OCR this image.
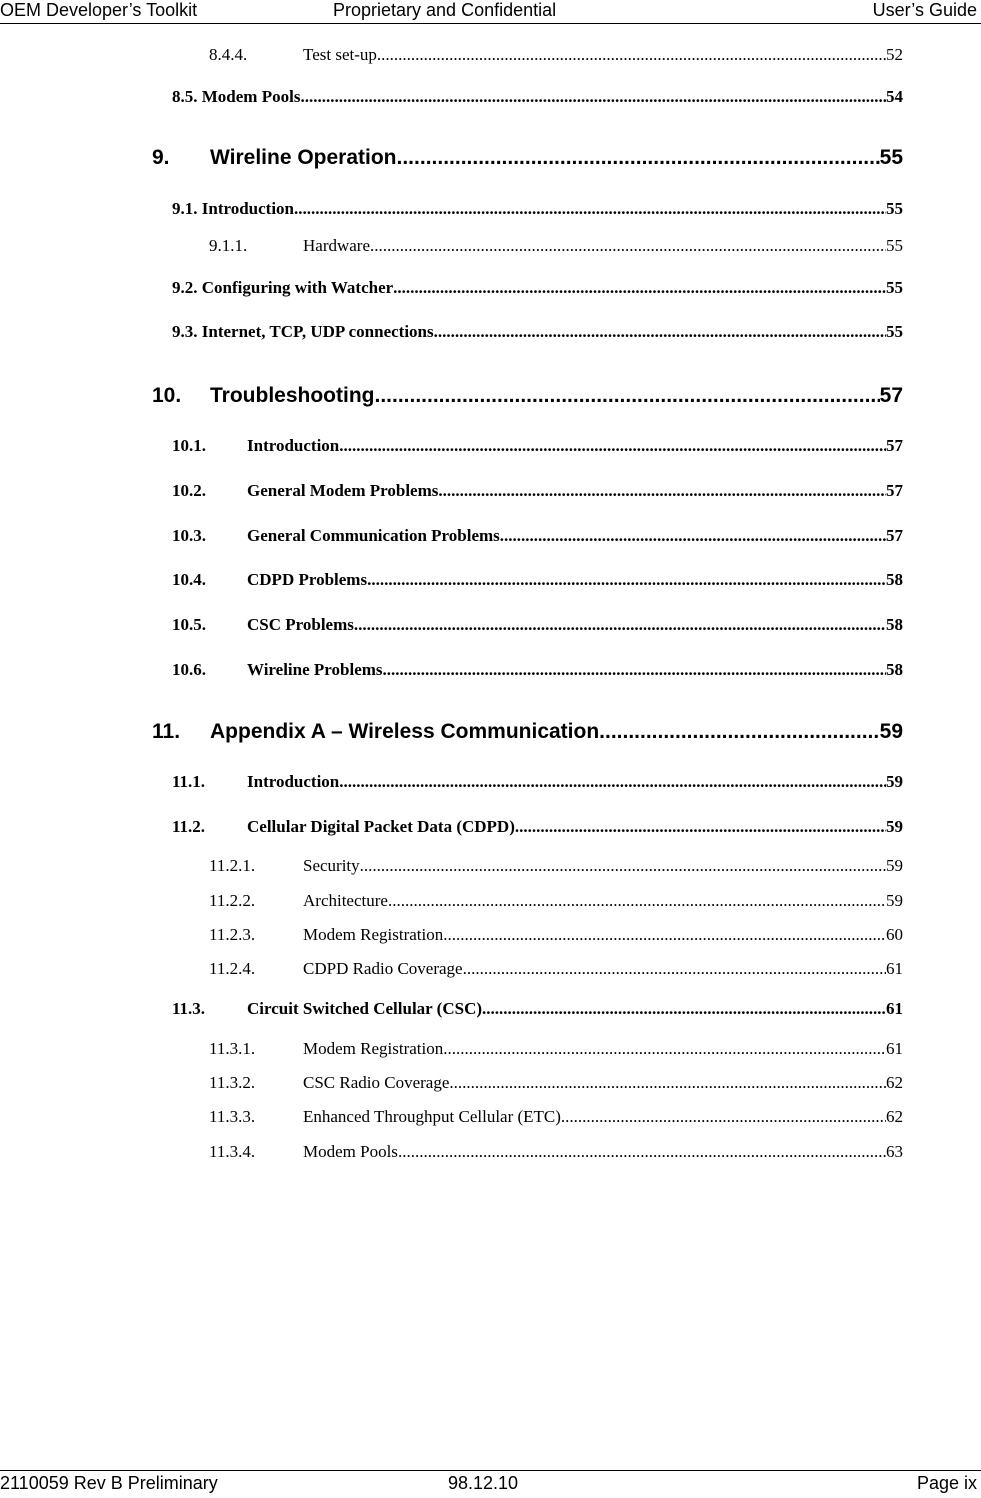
OEM Developer’s Toolkit	Proprietary and Confidential	User’s Guide
8.4.4.	Test set-up .....	52
8.5. Modem Pools .....	54
9.	Wireline Operation .....	55
9.1. Introduction .....	55
9.1.1.	Hardware .....	55
9.2. Configuring with Watcher .....	55
9.3. Internet, TCP, UDP connections .....	55
10.	Troubleshooting .....	57
10.1.	Introduction .....	57
10.2.	General Modem Problems .....	57
10.3.	General Communication Problems .....	57
10.4.	CDPD Problems .....	58
10.5.	CSC Problems .....	58
10.6.	Wireline Problems .....	58
11.	Appendix A – Wireless Communication .....	59
11.1.	Introduction .....	59
11.2.	Cellular Digital Packet Data (CDPD) .....	59
11.2.1.	Security .....	59
11.2.2.	Architecture .....	59
11.2.3.	Modem Registration .....	60
11.2.4.	CDPD Radio Coverage .....	61
11.3.	Circuit Switched Cellular (CSC) .....	61
11.3.1.	Modem Registration .....	61
11.3.2.	CSC Radio Coverage .....	62
11.3.3.	Enhanced Throughput Cellular (ETC) .....	62
11.3.4.	Modem Pools .....	63
2110059 Rev B Preliminary	98.12.10	Page ix
